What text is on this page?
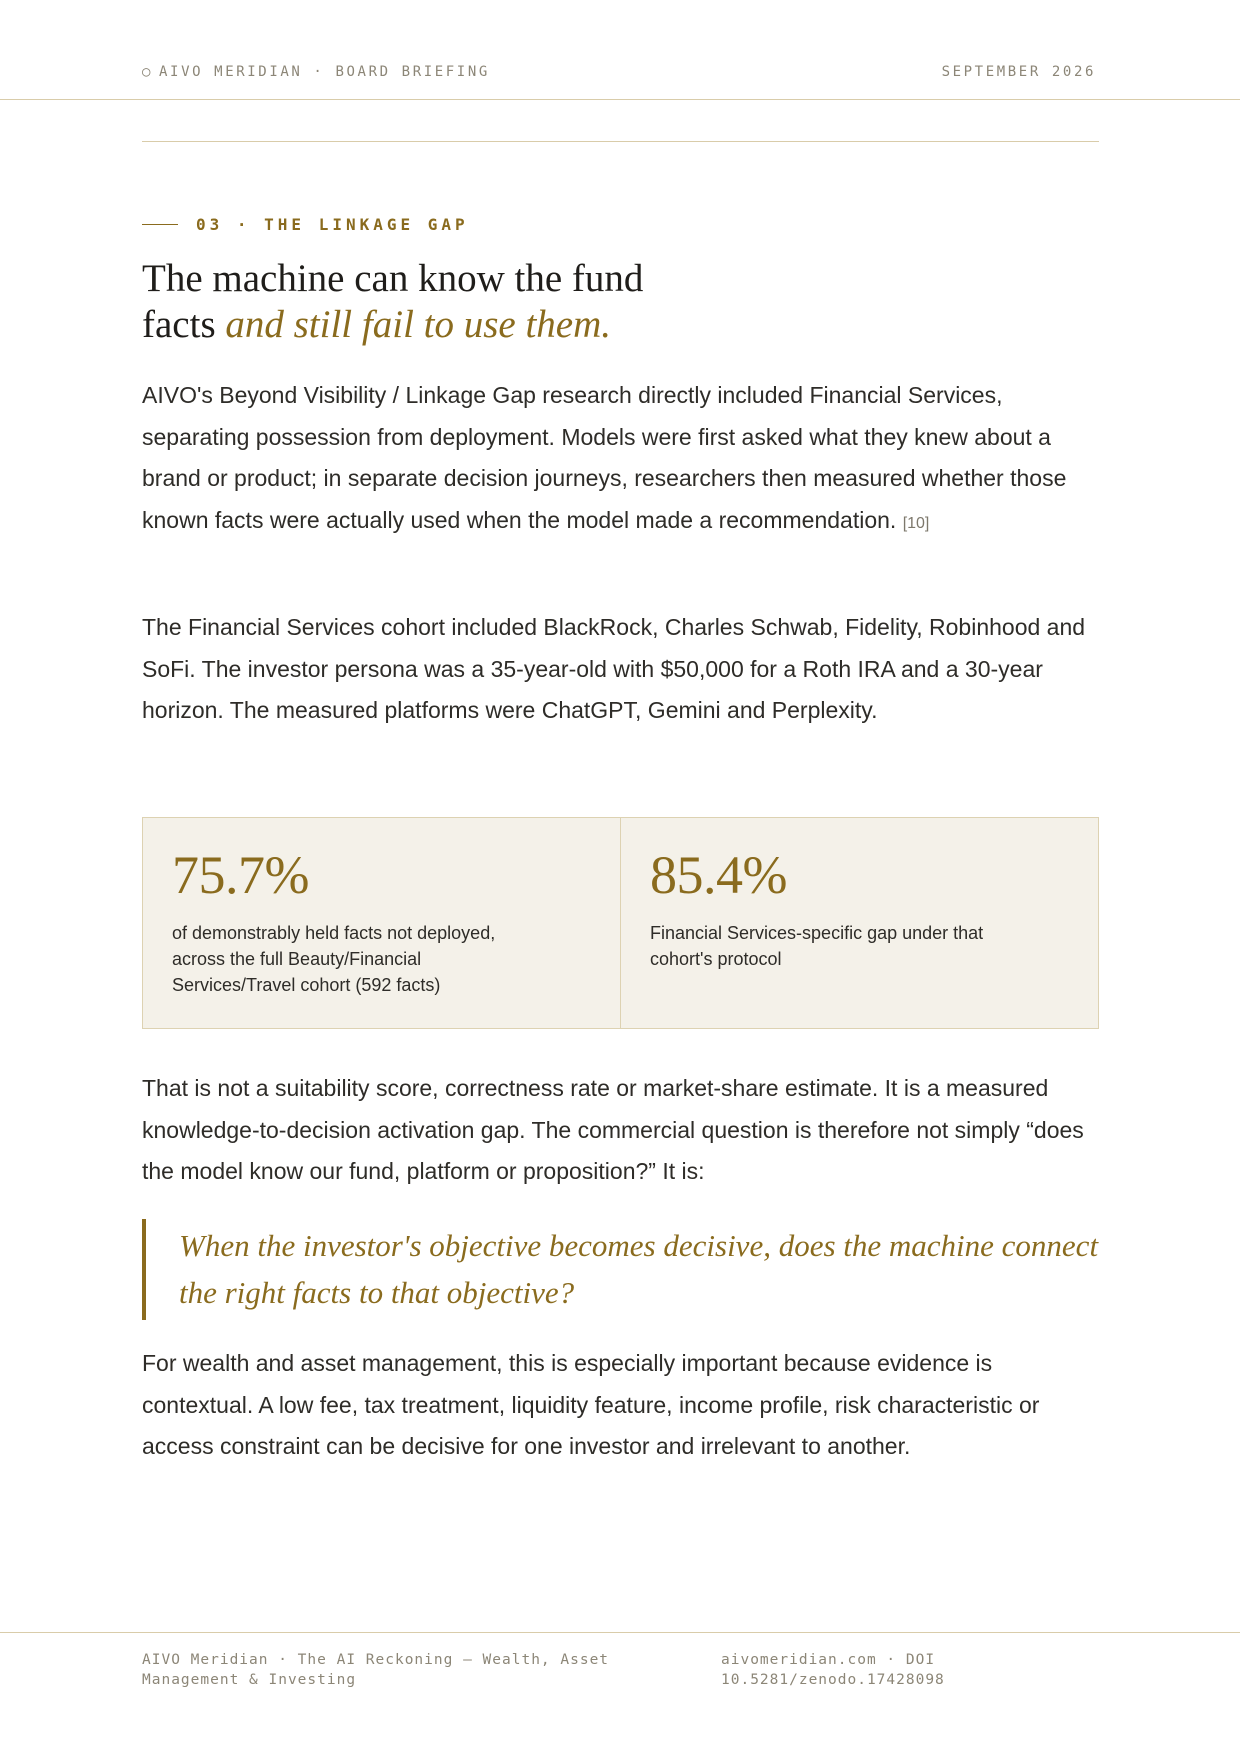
○ AIVO MERIDIAN · BOARD BRIEFING	SEPTEMBER 2026
03 · THE LINKAGE GAP
The machine can know the fund
facts and still fail to use them.

AIVO's Beyond Visibility / Linkage Gap research directly included Financial Services, separating possession from deployment. Models were first asked what they knew about a brand or product; in separate decision journeys, researchers then measured whether those known facts were actually used when the model made a recommendation. [10]

The Financial Services cohort included BlackRock, Charles Schwab, Fidelity, Robinhood and SoFi. The investor persona was a 35-year-old with $50,000 for a Roth IRA and a 30-year horizon. The measured platforms were ChatGPT, Gemini and Perplexity.

75.7%
of demonstrably held facts not deployed, across the full Beauty/Financial Services/Travel cohort (592 facts)
85.4%
Financial Services-specific gap under that cohort's protocol

That is not a suitability score, correctness rate or market-share estimate. It is a measured knowledge-to-decision activation gap. The commercial question is therefore not simply “does the model know our fund, platform or proposition?” It is:

When the investor's objective becomes decisive, does the machine connect the right facts to that objective?

For wealth and asset management, this is especially important because evidence is contextual. A low fee, tax treatment, liquidity feature, income profile, risk characteristic or access constraint can be decisive for one investor and irrelevant to another.

AIVO Meridian · The AI Reckoning — Wealth, Asset Management & Investing
aivomeridian.com · DOI 10.5281/zenodo.17428098
